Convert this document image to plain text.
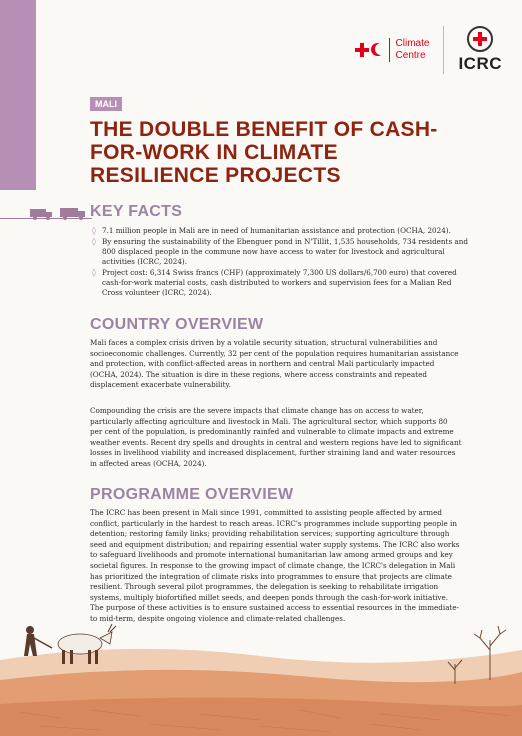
Climate
Centre ICRC
MALI
THE DOUBLE BENEFIT OF CASH-FOR-WORK IN CLIMATE RESILIENCE PROJECTS
KEY FACTS
◊ 7.1 million people in Mali are in need of humanitarian assistance and protection (OCHA, 2024).
◊ By ensuring the sustainability of the Ebenguer pond in N'Tillit, 1,535 households, 734 residents and 800 displaced people in the commune now have access to water for livestock and agricultural activities (ICRC, 2024).
◊ Project cost: 6,314 Swiss francs (CHF) (approximately 7,300 US dollars/6,700 euro) that covered cash-for-work material costs, cash distributed to workers and supervision fees for a Malian Red Cross volunteer (ICRC, 2024).
COUNTRY OVERVIEW

Mali faces a complex crisis driven by a volatile security situation, structural vulnerabilities and socioeconomic challenges. Currently, 32 per cent of the population requires humanitarian assistance and protection, with conflict-affected areas in northern and central Mali particularly impacted (OCHA, 2024). The situation is dire in these regions, where access constraints and repeated displacement exacerbate vulnerability.

Compounding the crisis are the severe impacts that climate change has on access to water, particularly affecting agriculture and livestock in Mali. The agricultural sector, which supports 80 per cent of the population, is predominantly rainfed and vulnerable to climate impacts and extreme weather events. Recent dry spells and droughts in central and western regions have led to significant losses in livelihood viability and increased displacement, further straining land and water resources in affected areas (OCHA, 2024).

PROGRAMME OVERVIEW

The ICRC has been present in Mali since 1991, committed to assisting people affected by armed conflict, particularly in the hardest to reach areas. ICRC's programmes include supporting people in detention; restoring family links; providing rehabilitation services; supporting agriculture through seed and equipment distribution; and repairing essential water supply systems. The ICRC also works to safeguard livelihoods and promote international humanitarian law among armed groups and key societal figures. In response to the growing impact of climate change, the ICRC's delegation in Mali has prioritized the integration of climate risks into programmes to ensure that projects are climate resilient. Through several pilot programmes, the delegation is seeking to rehabilitate irrigation systems, multiply biofortified millet seeds, and deepen ponds through the cash-for-work initiative. The purpose of these activities is to ensure sustained access to essential resources in the immediate-to mid-term, despite ongoing violence and climate-related challenges.
